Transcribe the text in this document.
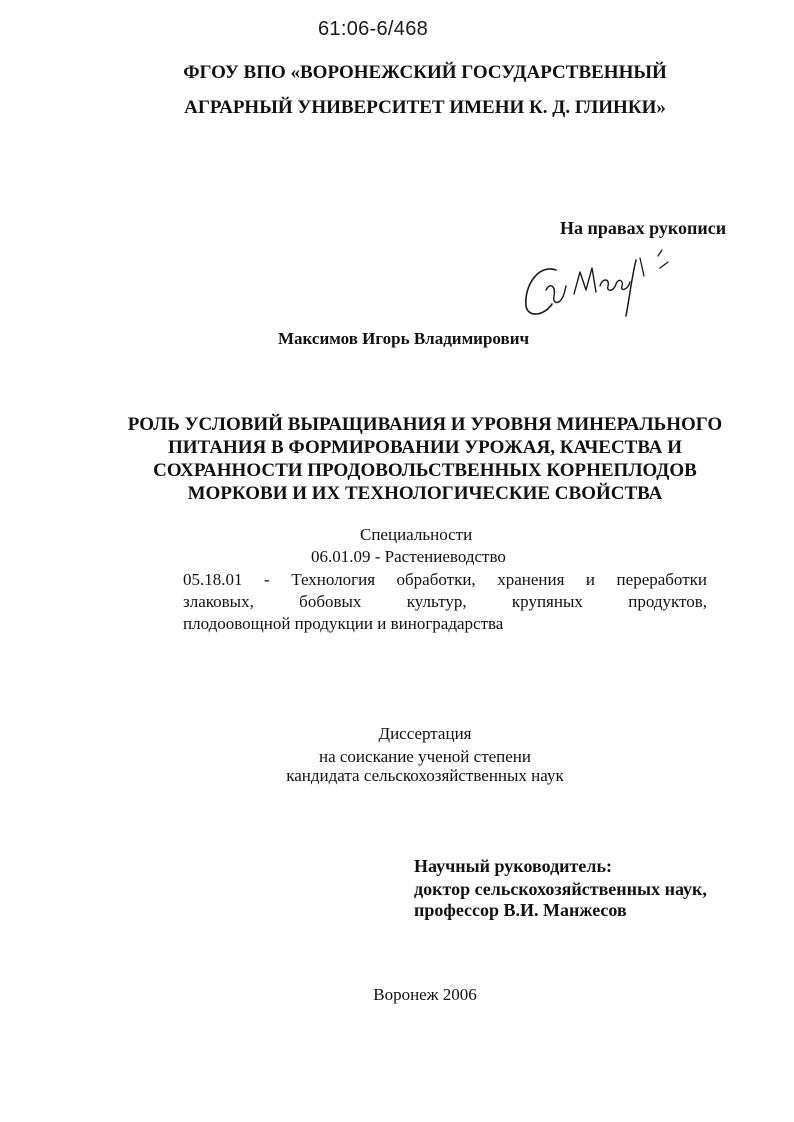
61:06-6/468
ФГОУ ВПО «ВОРОНЕЖСКИЙ ГОСУДАРСТВЕННЫЙ
АГРАРНЫЙ УНИВЕРСИТЕТ ИМЕНИ К. Д. ГЛИНКИ»
На правах рукописи
Максимов Игорь Владимирович
РОЛЬ УСЛОВИЙ ВЫРАЩИВАНИЯ И УРОВНЯ МИНЕРАЛЬНОГО
ПИТАНИЯ В ФОРМИРОВАНИИ УРОЖАЯ, КАЧЕСТВА И
СОХРАННОСТИ ПРОДОВОЛЬСТВЕННЫХ КОРНЕПЛОДОВ
МОРКОВИ И ИХ ТЕХНОЛОГИЧЕСКИЕ СВОЙСТВА
Специальности
06.01.09 - Растениеводство
05.18.01 - Технология обработки, хранения и переработки
злаковых, бобовых культур, крупяных продуктов,
плодоовощной продукции и виноградарства
Диссертация
на соискание ученой степени
кандидата сельскохозяйственных наук
Научный руководитель:
доктор сельскохозяйственных наук,
профессор В.И. Манжесов
Воронеж 2006
